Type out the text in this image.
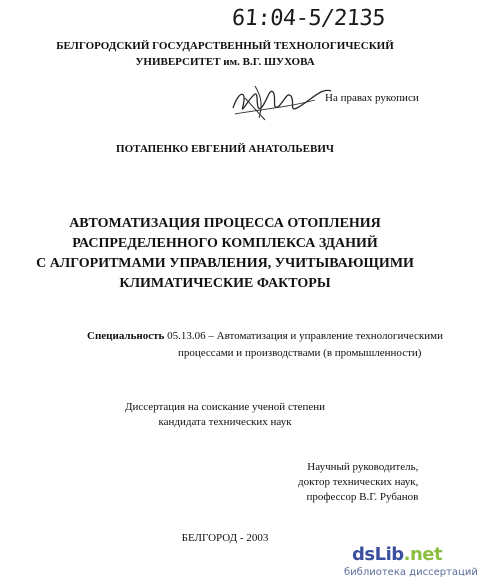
61:04-5/2135
БЕЛГОРОДСКИЙ ГОСУДАРСТВЕННЫЙ ТЕХНОЛОГИЧЕСКИЙ
УНИВЕРСИТЕТ им. В.Г. ШУХОВА
На правах рукописи
ПОТАПЕНКО ЕВГЕНИЙ АНАТОЛЬЕВИЧ
АВТОМАТИЗАЦИЯ ПРОЦЕССА ОТОПЛЕНИЯ
РАСПРЕДЕЛЕННОГО КОМПЛЕКСА ЗДАНИЙ
С АЛГОРИТМАМИ УПРАВЛЕНИЯ, УЧИТЫВАЮЩИМИ
КЛИМАТИЧЕСКИЕ ФАКТОРЫ
Специальность 05.13.06 – Автоматизация и управление технологическими
процессами и производствами (в промышленности)
Диссертация на соискание ученой степени
кандидата технических наук
Научный руководитель,
доктор технических наук,
профессор В.Г. Рубанов
БЕЛГОРОД - 2003
dsLib.net
библиотека диссертаций
